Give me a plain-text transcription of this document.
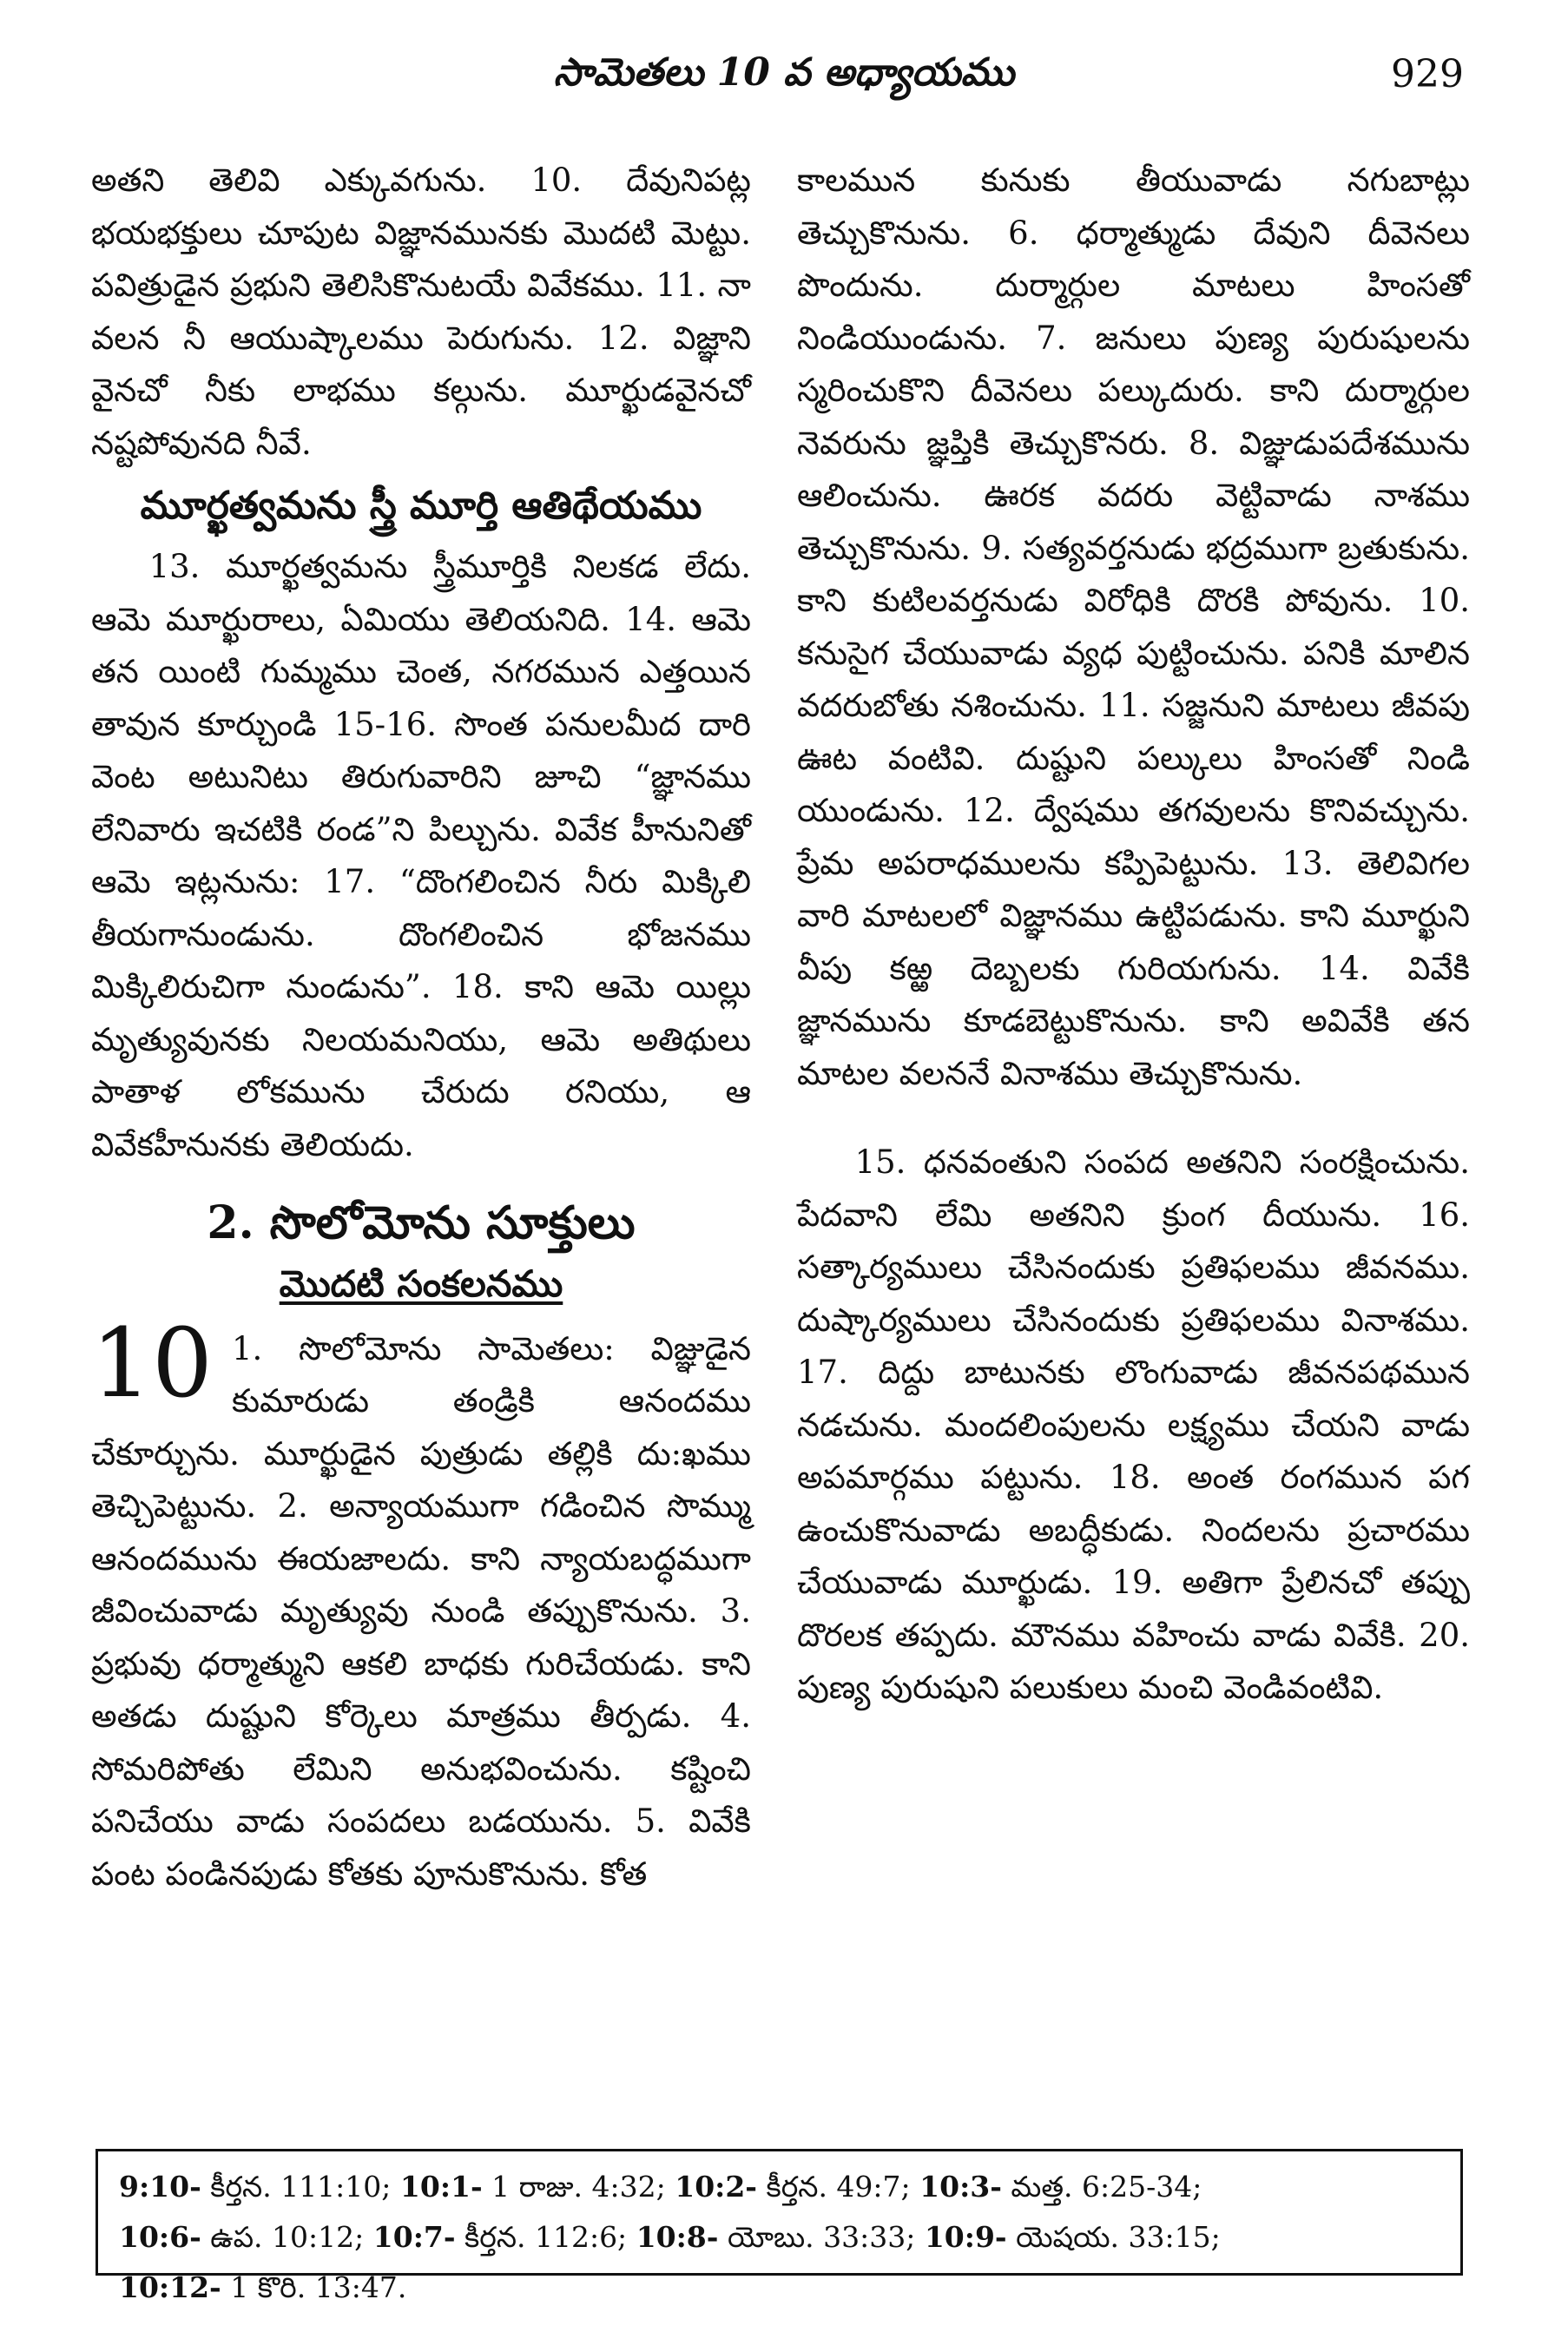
సామెతలు 10 వ అధ్యాయము	929

అతని తెలివి ఎక్కువగును. 10. దేవునిపట్ల భయభక్తులు చూపుట విజ్ఞానమునకు మొదటి మెట్టు. పవిత్రుడైన ప్రభుని తెలిసికొనుటయే వివేకము. 11. నా వలన నీ ఆయుష్కాలము పెరుగును. 12. విజ్ఞాని వైనచో నీకు లాభము కల్గును. మూర్ఖుడవైనచో నష్టపోవునది నీవే.

మూర్ఖత్వమను స్త్రీ మూర్తి ఆతిథేయము

13. మూర్ఖత్వమను స్త్రీమూర్తికి నిలకడ లేదు. ఆమె మూర్ఖురాలు, ఏమియు తెలియనిది. 14. ఆమె తన యింటి గుమ్మము చెంత, నగరమున ఎత్తయిన తావున కూర్చుండి 15-16. సొంత పనులమీద దారి వెంట అటునిటు తిరుగువారిని జూచి “జ్ఞానము లేనివారు ఇచటికి రండ”ని పిల్చును. వివేక హీనునితో ఆమె ఇట్లనును: 17. “దొంగలించిన నీరు మిక్కిలి తీయగానుండును. దొంగలించిన భోజనము మిక్కిలిరుచిగా నుండును”. 18. కాని ఆమె యిల్లు మృత్యువునకు నిలయమనియు, ఆమె అతిథులు పాతాళ లోకమును చేరుదు రనియు, ఆ వివేకహీనునకు తెలియదు.

2. సొలోమోను సూక్తులు
మొదటి సంకలనము
10 1. సొలోమోను సామెతలు: విజ్ఞుడైన కుమారుడు తండ్రికి ఆనందము చేకూర్చును. మూర్ఖుడైన పుత్రుడు తల్లికి దు:ఖము తెచ్చిపెట్టును. 2. అన్యాయముగా గడించిన సొమ్ము ఆనందమును ఈయజాలదు. కాని న్యాయబద్ధముగా జీవించువాడు మృత్యువు నుండి తప్పుకొనును. 3. ప్రభువు ధర్మాత్ముని ఆకలి బాధకు గురిచేయడు. కాని అతడు దుష్టుని కోర్కెలు మాత్రము తీర్పడు. 4. సోమరిపోతు లేమిని అనుభవించును. కష్టించి పనిచేయు వాడు సంపదలు బడయును. 5. వివేకి పంట పండినపుడు కోతకు పూనుకొనును. కోత

కాలమున కునుకు తీయువాడు నగుబాట్లు తెచ్చుకొనును. 6. ధర్మాత్ముడు దేవుని దీవెనలు పొందును. దుర్మార్గుల మాటలు హింసతో నిండియుండును. 7. జనులు పుణ్య పురుషులను స్మరించుకొని దీవెనలు పల్కుదురు. కాని దుర్మార్గుల నెవరును జ్ఞప్తికి తెచ్చుకొనరు. 8. విజ్ఞుడుపదేశమును ఆలించును. ఊరక వదరు వెట్టివాడు నాశము తెచ్చుకొనును. 9. సత్యవర్తనుడు భద్రముగా బ్రతుకును. కాని కుటిలవర్తనుడు విరోధికి దొరకి పోవును. 10. కనుసైగ చేయువాడు వ్యధ పుట్టించును. పనికి మాలిన వదరుబోతు నశించును. 11. సజ్జనుని మాటలు జీవపు ఊట వంటివి. దుష్టుని పల్కులు హింసతో నిండి యుండును. 12. ద్వేషము తగవులను కొనివచ్చును. ప్రేమ అపరాధములను కప్పిపెట్టును. 13. తెలివిగల వారి మాటలలో విజ్ఞానము ఉట్టిపడును. కాని మూర్ఖుని వీపు కఱ్ఱ దెబ్బలకు గురియగును. 14. వివేకి జ్ఞానమును కూడబెట్టుకొనును. కాని అవివేకి తన మాటల వలననే వినాశము తెచ్చుకొనును.

15. ధనవంతుని సంపద అతనిని సంరక్షించును. పేదవాని లేమి అతనిని క్రుంగ దీయును. 16. సత్కార్యములు చేసినందుకు ప్రతిఫలము జీవనము. దుష్కార్యములు చేసినందుకు ప్రతిఫలము వినాశము. 17. దిద్దు బాటునకు లొంగువాడు జీవనపథమున నడచును. మందలింపులను లక్ష్యము చేయని వాడు అపమార్గము పట్టును. 18. అంత రంగమున పగ ఉంచుకొనువాడు అబద్ధీకుడు. నిందలను ప్రచారము చేయువాడు మూర్ఖుడు. 19. అతిగా ప్రేలినచో తప్పు దొరలక తప్పదు. మౌనము వహించు వాడు వివేకి. 20. పుణ్య పురుషుని పలుకులు మంచి వెండివంటివి.

9:10- కీర్తన. 111:10; 10:1- 1 రాజు. 4:32; 10:2- కీర్తన. 49:7; 10:3- మత్త. 6:25-34; 10:6- ఉప. 10:12; 10:7- కీర్తన. 112:6; 10:8- యోబు. 33:33; 10:9- యెషయ. 33:15; 10:12- 1 కొరి. 13:47.
